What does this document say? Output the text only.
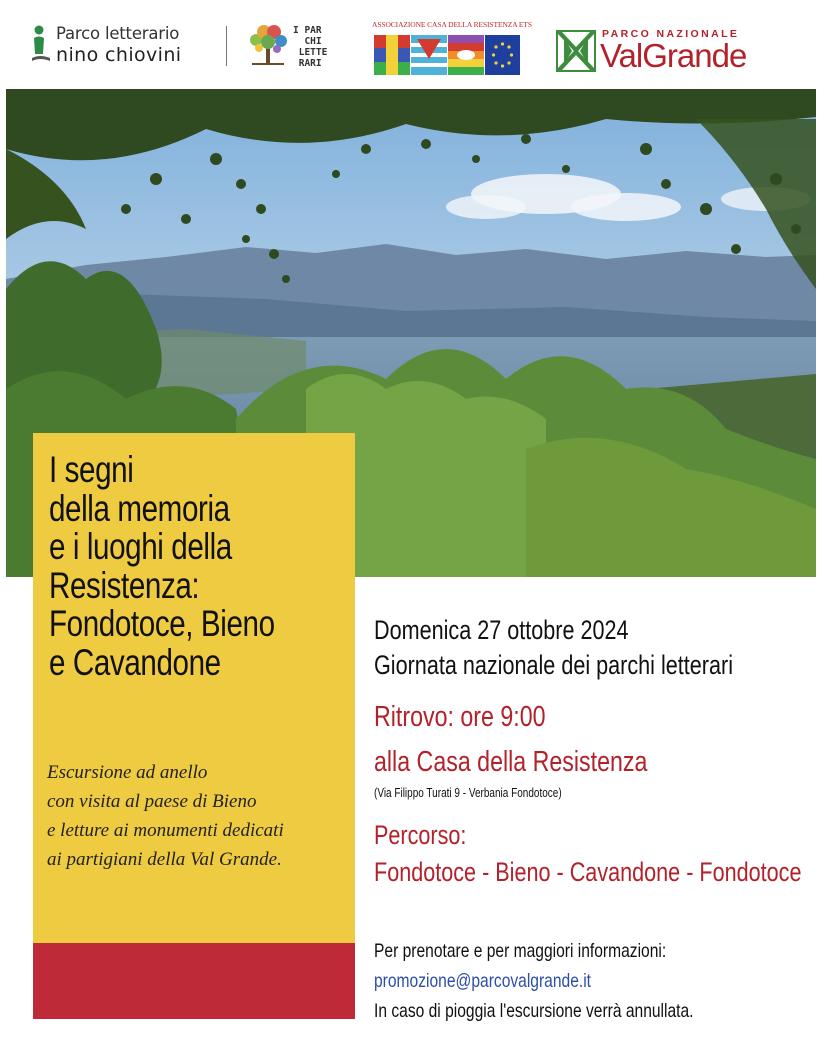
Parco letterario
nino chiovini
I PAR
CHI
LETTE
RARI
ASSOCIAZIONE CASA DELLA RESISTENZA ETS
PARCO NAZIONALE
ValGrande
I segni
della memoria
e i luoghi della
Resistenza:
Fondotoce, Bieno
e Cavandone
Escursione ad anello
con visita al paese di Bieno
e letture ai monumenti dedicati
ai partigiani della Val Grande.
Domenica 27 ottobre 2024
Giornata nazionale dei parchi letterari
Ritrovo: ore 9:00
alla Casa della Resistenza
(Via Filippo Turati 9 - Verbania Fondotoce)
Percorso:
Fondotoce - Bieno - Cavandone - Fondotoce
Per prenotare e per maggiori informazioni:
promozione@parcovalgrande.it
In caso di pioggia l'escursione verrà annullata.
